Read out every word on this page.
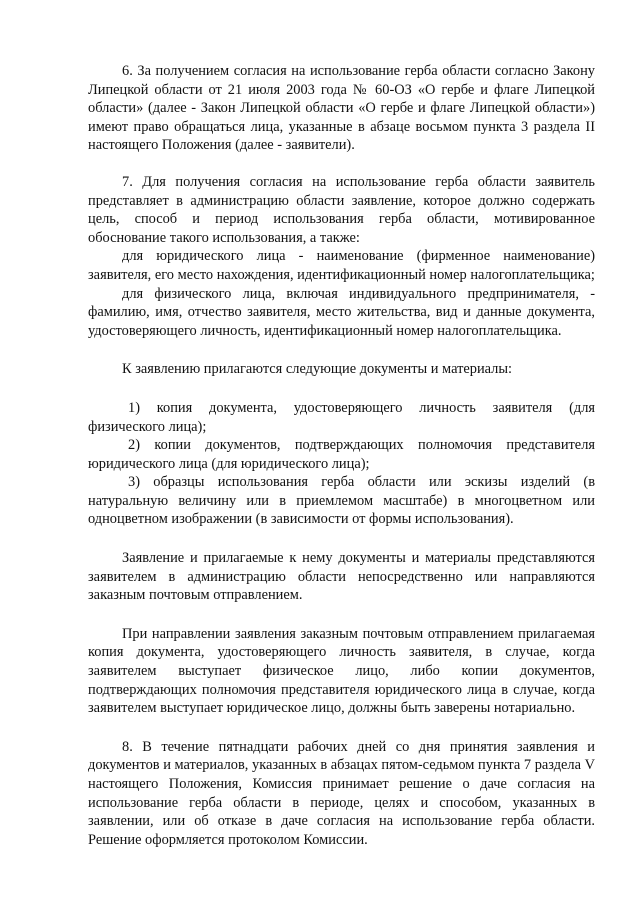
6. За получением согласия на использование герба области согласно Закону Липецкой области от 21 июля 2003 года № 60-ОЗ «О гербе и флаге Липецкой области» (далее - Закон Липецкой области «О гербе и флаге Липецкой области») имеют право обращаться лица, указанные в абзаце восьмом пункта 3 раздела II настоящего Положения (далее - заявители).

7. Для получения согласия на использование герба области заявитель представляет в администрацию области заявление, которое должно содержать цель, способ и период использования герба области, мотивированное обоснование такого использования, а также:

для юридического лица - наименование (фирменное наименование) заявителя, его место нахождения, идентификационный номер налогоплательщика;

для физического лица, включая индивидуального предпринимателя, - фамилию, имя, отчество заявителя, место жительства, вид и данные документа, удостоверяющего личность, идентификационный номер налогоплательщика.

К заявлению прилагаются следующие документы и материалы:

1) копия документа, удостоверяющего личность заявителя (для физического лица);

2) копии документов, подтверждающих полномочия представителя юридического лица (для юридического лица);

3) образцы использования герба области или эскизы изделий (в натуральную величину или в приемлемом масштабе) в многоцветном или одноцветном изображении (в зависимости от формы использования).

Заявление и прилагаемые к нему документы и материалы представляются заявителем в администрацию области непосредственно или направляются заказным почтовым отправлением.

При направлении заявления заказным почтовым отправлением прилагаемая копия документа, удостоверяющего личность заявителя, в случае, когда заявителем выступает физическое лицо, либо копии документов, подтверждающих полномочия представителя юридического лица в случае, когда заявителем выступает юридическое лицо, должны быть заверены нотариально.

8. В течение пятнадцати рабочих дней со дня принятия заявления и документов и материалов, указанных в абзацах пятом-седьмом пункта 7 раздела V настоящего Положения, Комиссия принимает решение о даче согласия на использование герба области в периоде, целях и способом, указанных в заявлении, или об отказе в даче согласия на использование герба области. Решение оформляется протоколом Комиссии.
